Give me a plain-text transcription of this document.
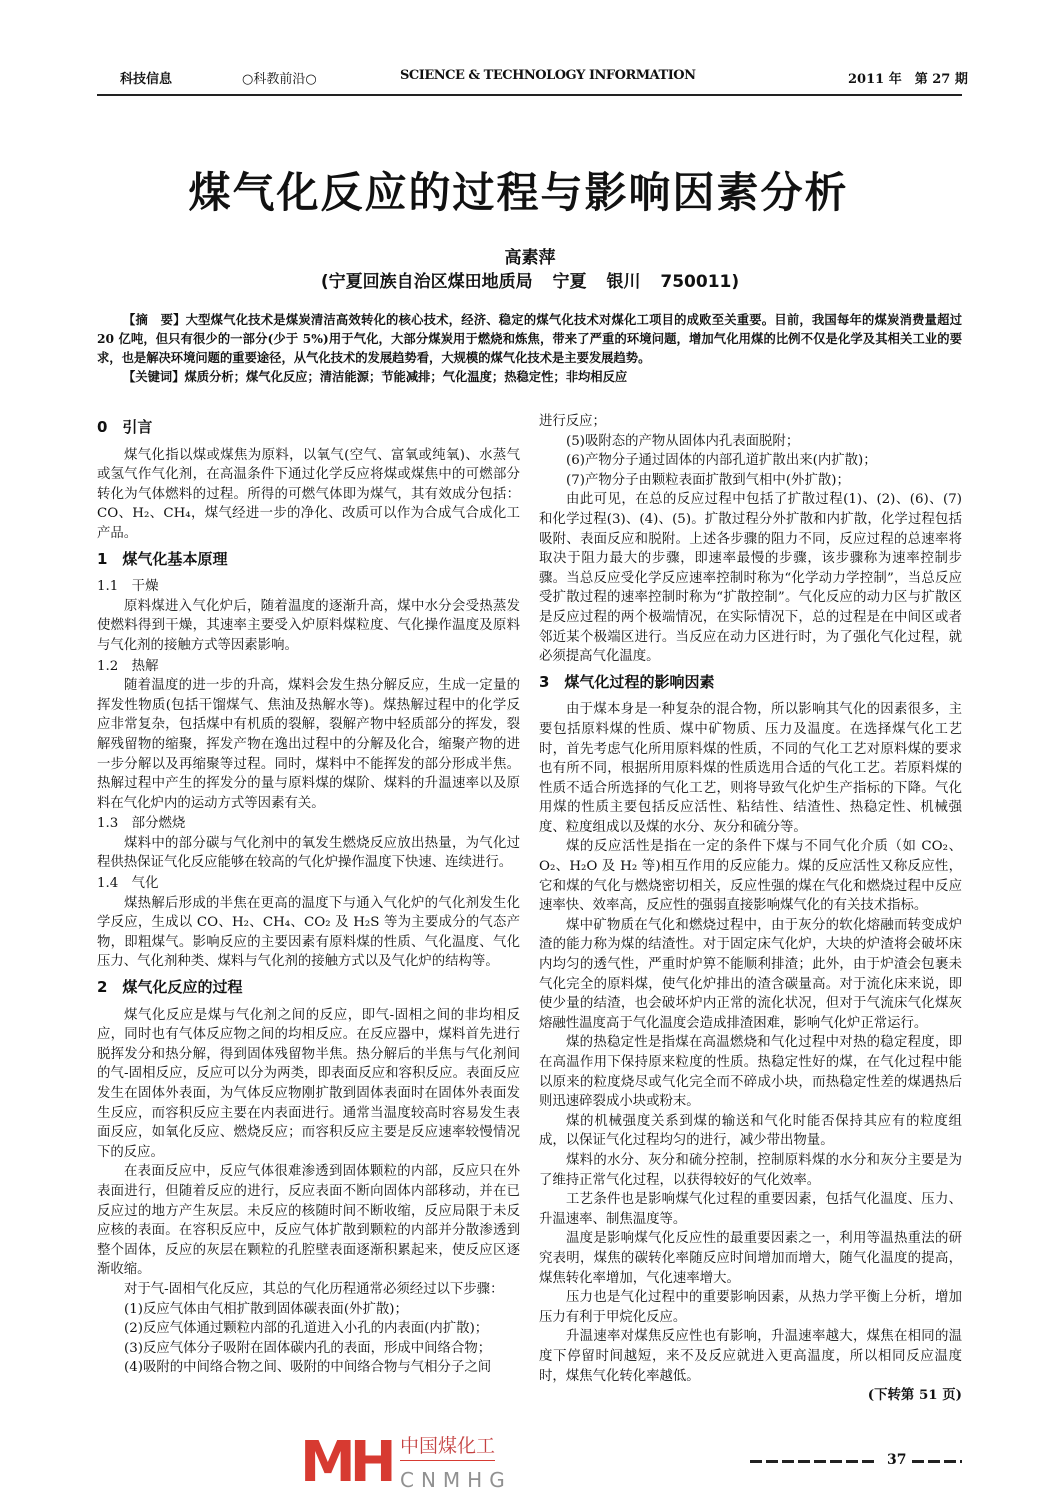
科技信息	○科教前沿○	SCIENCE & TECHNOLOGY INFORMATION	2011 年　第 27 期
煤气化反应的过程与影响因素分析
高素萍
(宁夏回族自治区煤田地质局 宁夏 银川 750011)

【摘　要】大型煤气化技术是煤炭清洁高效转化的核心技术，经济、稳定的煤气化技术对煤化工项目的成败至关重要。目前，我国每年的煤炭消费量超过 20 亿吨，但只有很少的一部分(少于 5%)用于气化，大部分煤炭用于燃烧和炼焦，带来了严重的环境问题，增加气化用煤的比例不仅是化学及其相关工业的要求，也是解决环境问题的重要途径，从气化技术的发展趋势看，大规模的煤气化技术是主要发展趋势。

【关键词】煤质分析；煤气化反应；清洁能源；节能减排；气化温度；热稳定性；非均相反应

0　引言

煤气化指以煤或煤焦为原料，以氧气(空气、富氧或纯氧)、水蒸气或氢气作气化剂，在高温条件下通过化学反应将煤或煤焦中的可燃部分转化为气体燃料的过程。所得的可燃气体即为煤气，其有效成分包括：CO、H₂、CH₄，煤气经进一步的净化、改质可以作为合成气合成化工产品。

1　煤气化基本原理
1.1　干燥

原料煤进入气化炉后，随着温度的逐渐升高，煤中水分会受热蒸发使燃料得到干燥，其速率主要受入炉原料煤粒度、气化操作温度及原料与气化剂的接触方式等因素影响。

1.2　热解

随着温度的进一步的升高，煤料会发生热分解反应，生成一定量的挥发性物质(包括干馏煤气、焦油及热解水等)。煤热解过程中的化学反应非常复杂，包括煤中有机质的裂解，裂解产物中轻质部分的挥发，裂解残留物的缩聚，挥发产物在逸出过程中的分解及化合，缩聚产物的进一步分解以及再缩聚等过程。同时，煤料中不能挥发的部分形成半焦。热解过程中产生的挥发分的量与原料煤的煤阶、煤料的升温速率以及原料在气化炉内的运动方式等因素有关。

1.3　部分燃烧

煤料中的部分碳与气化剂中的氧发生燃烧反应放出热量，为气化过程供热保证气化反应能够在较高的气化炉操作温度下快速、连续进行。

1.4　气化

煤热解后形成的半焦在更高的温度下与通入气化炉的气化剂发生化学反应，生成以 CO、H₂、CH₄、CO₂ 及 H₂S 等为主要成分的气态产物，即粗煤气。影响反应的主要因素有原料煤的性质、气化温度、气化压力、气化剂种类、煤料与气化剂的接触方式以及气化炉的结构等。

2　煤气化反应的过程

煤气化反应是煤与气化剂之间的反应，即气-固相之间的非均相反应，同时也有气体反应物之间的均相反应。在反应器中，煤料首先进行脱挥发分和热分解，得到固体残留物半焦。热分解后的半焦与气化剂间的气-固相反应，反应可以分为两类，即表面反应和容积反应。表面反应发生在固体外表面，为气体反应物刚扩散到固体表面时在固体外表面发生反应，而容积反应主要在内表面进行。通常当温度较高时容易发生表面反应，如氧化反应、燃烧反应；而容积反应主要是反应速率较慢情况下的反应。

在表面反应中，反应气体很难渗透到固体颗粒的内部，反应只在外表面进行，但随着反应的进行，反应表面不断向固体内部移动，并在已反应过的地方产生灰层。未反应的核随时间不断收缩，反应局限于未反应核的表面。在容积反应中，反应气体扩散到颗粒的内部并分散渗透到整个固体，反应的灰层在颗粒的孔腔壁表面逐渐积累起来，使反应区逐渐收缩。

对于气-固相气化反应，其总的气化历程通常必须经过以下步骤：

(1)反应气体由气相扩散到固体碳表面(外扩散)；

(2)反应气体通过颗粒内部的孔道进入小孔的内表面(内扩散)；

(3)反应气体分子吸附在固体碳内孔的表面，形成中间络合物；

(4)吸附的中间络合物之间、吸附的中间络合物与气相分子之间

进行反应；

(5)吸附态的产物从固体内孔表面脱附；

(6)产物分子通过固体的内部孔道扩散出来(内扩散)；

(7)产物分子由颗粒表面扩散到气相中(外扩散)；

由此可见，在总的反应过程中包括了扩散过程(1)、(2)、(6)、(7)和化学过程(3)、(4)、(5)。扩散过程分外扩散和内扩散，化学过程包括吸附、表面反应和脱附。上述各步骤的阻力不同，反应过程的总速率将取决于阻力最大的步骤，即速率最慢的步骤，该步骤称为速率控制步骤。当总反应受化学反应速率控制时称为“化学动力学控制”，当总反应受扩散过程的速率控制时称为“扩散控制”。气化反应的动力区与扩散区是反应过程的两个极端情况，在实际情况下，总的过程是在中间区或者邻近某个极端区进行。当反应在动力区进行时，为了强化气化过程，就必须提高气化温度。

3　煤气化过程的影响因素

由于煤本身是一种复杂的混合物，所以影响其气化的因素很多，主要包括原料煤的性质、煤中矿物质、压力及温度。在选择煤气化工艺时，首先考虑气化所用原料煤的性质，不同的气化工艺对原料煤的要求也有所不同，根据所用原料煤的性质选用合适的气化工艺。若原料煤的性质不适合所选择的气化工艺，则将导致气化炉生产指标的下降。气化用煤的性质主要包括反应活性、粘结性、结渣性、热稳定性、机械强度、粒度组成以及煤的水分、灰分和硫分等。

煤的反应活性是指在一定的条件下煤与不同气化介质（如 CO₂、O₂、H₂O 及 H₂ 等)相互作用的反应能力。煤的反应活性又称反应性，它和煤的气化与燃烧密切相关，反应性强的煤在气化和燃烧过程中反应速率快、效率高，反应性的强弱直接影响煤气化的有关技术指标。

煤中矿物质在气化和燃烧过程中，由于灰分的软化熔融而转变成炉渣的能力称为煤的结渣性。对于固定床气化炉，大块的炉渣将会破坏床内均匀的透气性，严重时炉箅不能顺利排渣；此外，由于炉渣会包裹未气化完全的原料煤，使气化炉排出的渣含碳量高。对于流化床来说，即使少量的结渣，也会破坏炉内正常的流化状况，但对于气流床气化煤灰熔融性温度高于气化温度会造成排渣困难，影响气化炉正常运行。

煤的热稳定性是指煤在高温燃烧和气化过程中对热的稳定程度，即在高温作用下保持原来粒度的性质。热稳定性好的煤，在气化过程中能以原来的粒度烧尽或气化完全而不碎成小块，而热稳定性差的煤遇热后则迅速碎裂成小块或粉末。

煤的机械强度关系到煤的输送和气化时能否保持其应有的粒度组成，以保证气化过程均匀的进行，减少带出物量。

煤料的水分、灰分和硫分控制，控制原料煤的水分和灰分主要是为了维持正常气化过程，以获得较好的气化效率。

工艺条件也是影响煤气化过程的重要因素，包括气化温度、压力、升温速率、制焦温度等。

温度是影响煤气化反应性的最重要因素之一，利用等温热重法的研究表明，煤焦的碳转化率随反应时间增加而增大，随气化温度的提高，煤焦转化率增加，气化速率增大。

压力也是气化过程中的重要影响因素，从热力学平衡上分析，增加压力有利于甲烷化反应。

升温速率对煤焦反应性也有影响，升温速率越大，煤焦在相同的温度下停留时间越短，来不及反应就进入更高温度，所以相同反应温度时，煤焦气化转化率越低。

(下转第 51 页)

MH 中国煤化工
CNMHG
37
